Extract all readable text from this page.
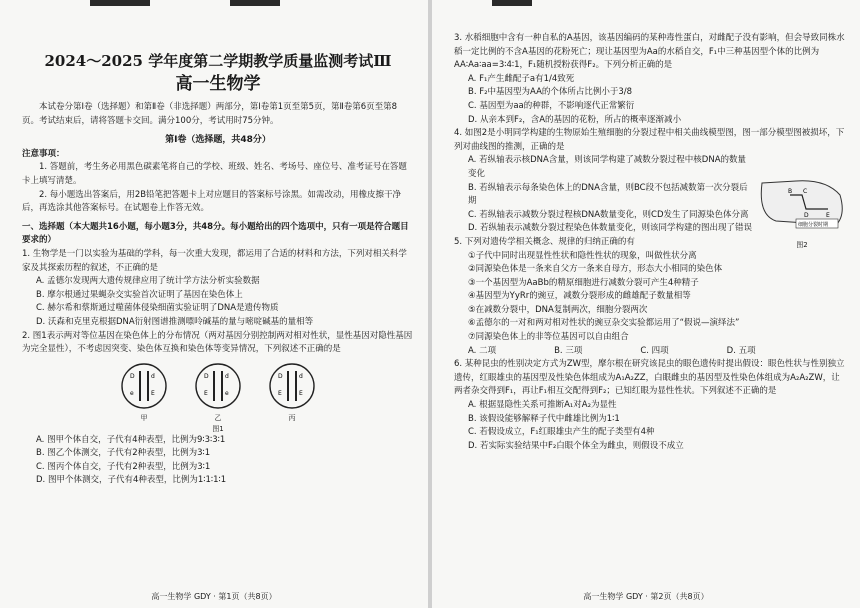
2024～2025 学年度第二学期教学质量监测考试Ⅲ
高一生物学

本试卷分第Ⅰ卷（选择题）和第Ⅱ卷（非选择题）两部分，第Ⅰ卷第1页至第5页，第Ⅱ卷第6页至第8页。考试结束后，请将答题卡交回。满分100分，考试用时75分钟。

第Ⅰ卷（选择题，共48分）

注意事项：

1. 答题前，考生务必用黑色碳素笔将自己的学校、班级、姓名、考场号、座位号、准考证号在答题卡上填写清楚。

2. 每小题选出答案后，用2B铅笔把答题卡上对应题目的答案标号涂黑。如需改动，用橡皮擦干净后，再选涂其他答案标号。在试题卷上作答无效。

一、选择题（本大题共16小题，每小题3分，共48分。每小题给出的四个选项中，只有一项是符合题目要求的）

1. 生物学是一门以实验为基础的学科，每一次重大发现，都运用了合适的材料和方法，下列对相关科学家及其探索历程的叙述，不正确的是

A. 孟德尔发现两大遗传规律应用了统计学方法分析实验数据

B. 摩尔根通过果蝇杂交实验首次证明了基因在染色体上

C. 赫尔希和蔡斯通过噬菌体侵染细菌实验证明了DNA是遗传物质

D. 沃森和克里克根据DNA衍射图谱推测嘌呤碱基的量与嘧啶碱基的量相等

2. 图1表示两对等位基因在染色体上的分布情况（两对基因分别控制两对相对性状，显性基因对隐性基因为完全显性），不考虑因突变、染色体互换和染色体等变异情况，下列叙述不正确的是

D	d
e	E
甲
D	d
E	e
乙
D	d
E	E
丙
图1

A. 图甲个体自交，子代有4种表型，比例为9∶3∶3∶1

B. 图乙个体测交，子代有2种表型，比例为3∶1

C. 图丙个体自交，子代有2种表型，比例为3∶1

D. 图甲个体测交，子代有4种表型，比例为1∶1∶1∶1

高一生物学 GDY · 第1页（共8页）

3. 水稻细胞中含有一种自私的A基因，该基因编码的某种毒性蛋白，对雌配子没有影响，但会导致同株水稻一定比例的不含A基因的花粉死亡；现让基因型为Aa的水稻自交，F₁中三种基因型个体的比例为AA∶Aa∶aa=3∶4∶1，F₁随机授粉获得F₂。下列分析正确的是

A. F₁产生雌配子a有1/4致死

B. F₂中基因型为AA的个体所占比例小于3/8

C. 基因型为aa的种群，不影响逐代正常繁衍

D. 从亲本到F₂，含A的基因的花粉，所占的概率逐渐减小

4. 如图2是小明同学构建的生物原始生殖细胞的分裂过程中相关曲线模型图，图一部分模型图被损坏，下列对曲线图的推测，正确的是

A. 若纵轴表示核DNA含量，则该同学构建了减数分裂过程中核DNA的数量变化

B. 若纵轴表示每条染色体上的DNA含量，则BC段不包括减数第一次分裂后期

C. 若纵轴表示减数分裂过程核DNA数量变化，则CD发生了同源染色体分离

D. 若纵轴表示减数分裂过程染色体数量变化，则该同学构建的图出现了错误

B C
D	E
细胞分裂时期
图2

5. 下列对遗传学相关概念、规律的归纳正确的有

①子代中同时出现显性性状和隐性性状的现象，叫做性状分离

②同源染色体是一条来自父方一条来自母方，形态大小相同的染色体

③一个基因型为AaBb的精原细胞进行减数分裂可产生4种精子

④基因型为YyRr的豌豆，减数分裂形成的雌雄配子数量相等

⑤在减数分裂中，DNA复制两次，细胞分裂两次

⑥孟德尔的一对和两对相对性状的豌豆杂交实验都运用了“假说—演绎法”

⑦同源染色体上的非等位基因可以自由组合

A. 二项	B. 三项	C. 四项	D. 五项

6. 某种昆虫的性别决定方式为ZW型，摩尔根在研究该昆虫的眼色遗传时提出假设：眼色性状与性别独立遗传，红眼雄虫的基因型及性染色体组成为A₁A₂ZZ，白眼雌虫的基因型及性染色体组成为A₂A₂ZW，让两者杂交得到F₁，再让F₁相互交配得到F₂；已知红眼为显性性状。下列叙述不正确的是

A. 根据显隐性关系可推断A₁对A₂为显性

B. 该假设能够解释子代中雌雄比例为1∶1

C. 若假设成立，F₁红眼雄虫产生的配子类型有4种

D. 若实际实验结果中F₂白眼个体全为雌虫，则假设不成立

高一生物学 GDY · 第2页（共8页）
